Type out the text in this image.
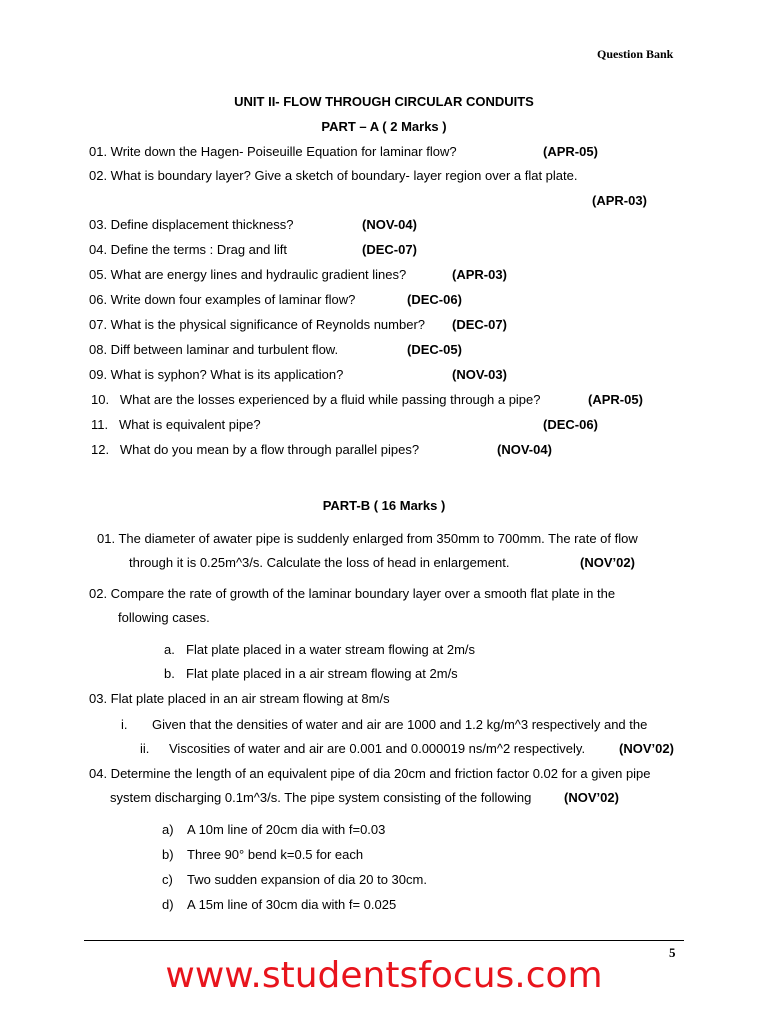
Question Bank
UNIT II- FLOW THROUGH CIRCULAR CONDUITS
PART – A ( 2 Marks )
01. Write down the Hagen- Poiseuille Equation for laminar flow?	(APR-05)
02. What is boundary layer? Give a sketch of boundary- layer region over a flat plate.
(APR-03)
03. Define displacement thickness?	(NOV-04)
04. Define the terms : Drag and lift	(DEC-07)
05. What are energy lines and hydraulic gradient lines?	(APR-03)
06. Write down four examples of laminar flow?	(DEC-06)
07. What is the physical significance of Reynolds number? (DEC-07)
08. Diff between laminar and turbulent flow.	(DEC-05)
09. What is syphon? What is its application?	(NOV-03)
10.   What are the losses experienced by a fluid while passing through a pipe?	(APR-05)
11.   What is equivalent pipe?	(DEC-06)
12.   What do you mean by a flow through parallel pipes?	(NOV-04)
PART-B ( 16 Marks )
01. The diameter of awater pipe is suddenly enlarged from 350mm to 700mm. The rate of flow
through it is 0.25m^3/s. Calculate the loss of head in enlargement.	(NOV’02)
02. Compare the rate of growth of the laminar boundary layer over a smooth flat plate in the
following cases.
a. Flat plate placed in a water stream flowing at 2m/s
b. Flat plate placed in a air stream flowing at 2m/s
03. Flat plate placed in an air stream flowing at 8m/s
i. Given that the densities of water and air are 1000 and 1.2 kg/m^3 respectively and the
ii. Viscosities of water and air are 0.001 and 0.000019 ns/m^2 respectively.	(NOV’02)
04. Determine the length of an equivalent pipe of dia 20cm and friction factor 0.02 for a given pipe
system discharging 0.1m^3/s. The pipe system consisting of the following	(NOV’02)
a) A 10m line of 20cm dia with f=0.03
b) Three 90° bend k=0.5 for each
c) Two sudden expansion of dia 20 to 30cm.
d) A 15m line of 30cm dia with f= 0.025
5
www.studentsfocus.com
